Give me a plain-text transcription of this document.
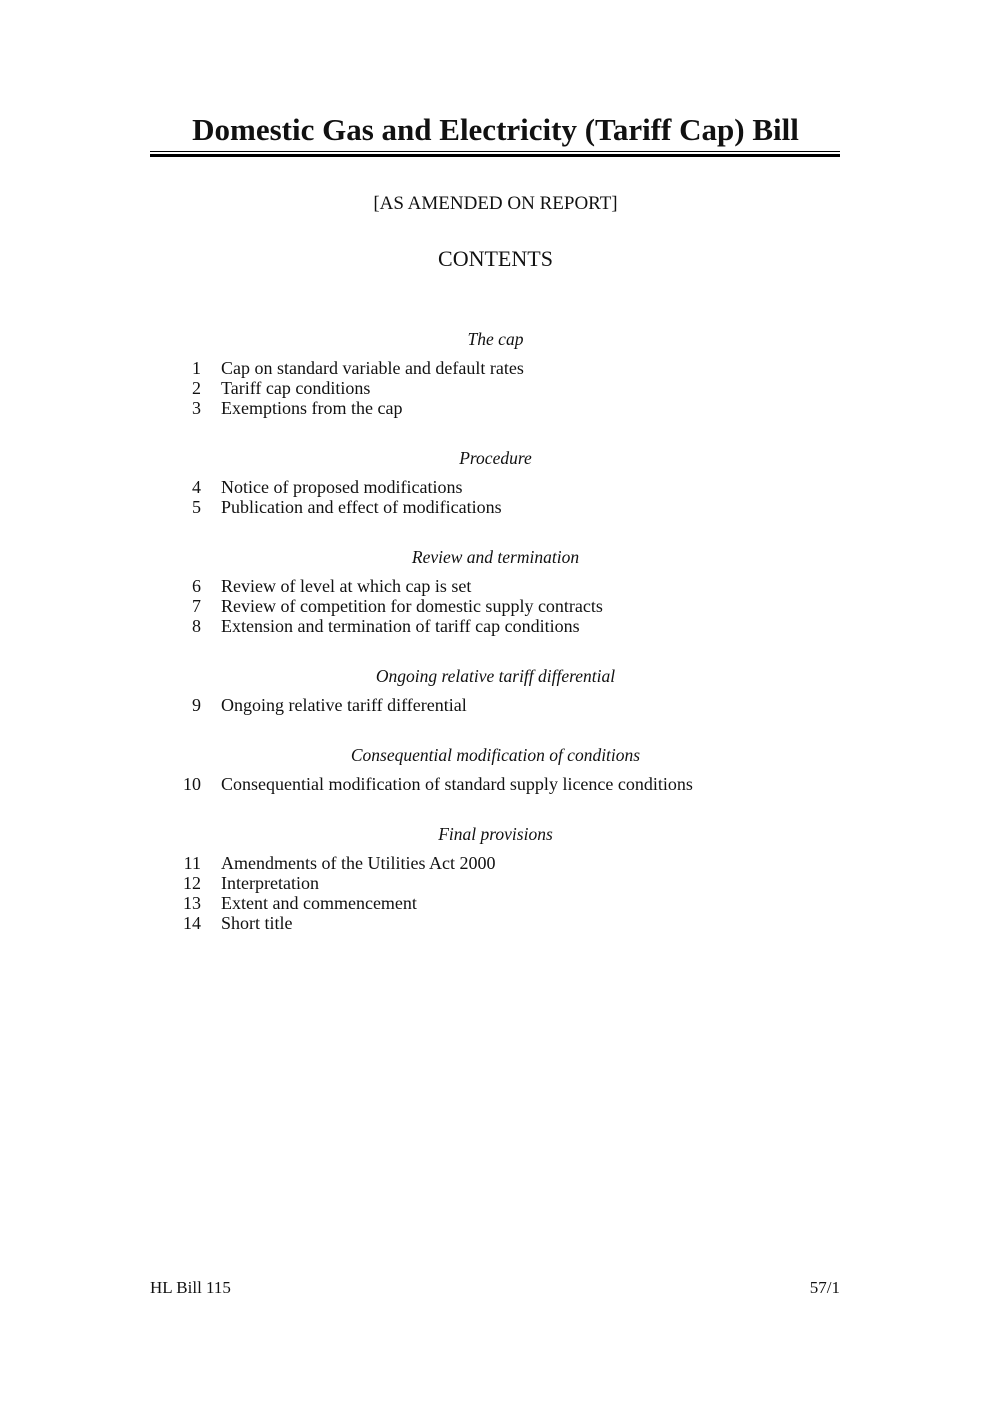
Domestic Gas and Electricity (Tariff Cap) Bill
[AS AMENDED ON REPORT]
CONTENTS
The cap
1 Cap on standard variable and default rates
2 Tariff cap conditions
3 Exemptions from the cap
Procedure
4 Notice of proposed modifications
5 Publication and effect of modifications
Review and termination
6 Review of level at which cap is set
7 Review of competition for domestic supply contracts
8 Extension and termination of tariff cap conditions
Ongoing relative tariff differential
9 Ongoing relative tariff differential
Consequential modification of conditions
10 Consequential modification of standard supply licence conditions
Final provisions
11 Amendments of the Utilities Act 2000
12 Interpretation
13 Extent and commencement
14 Short title
HL Bill 115	57/1
